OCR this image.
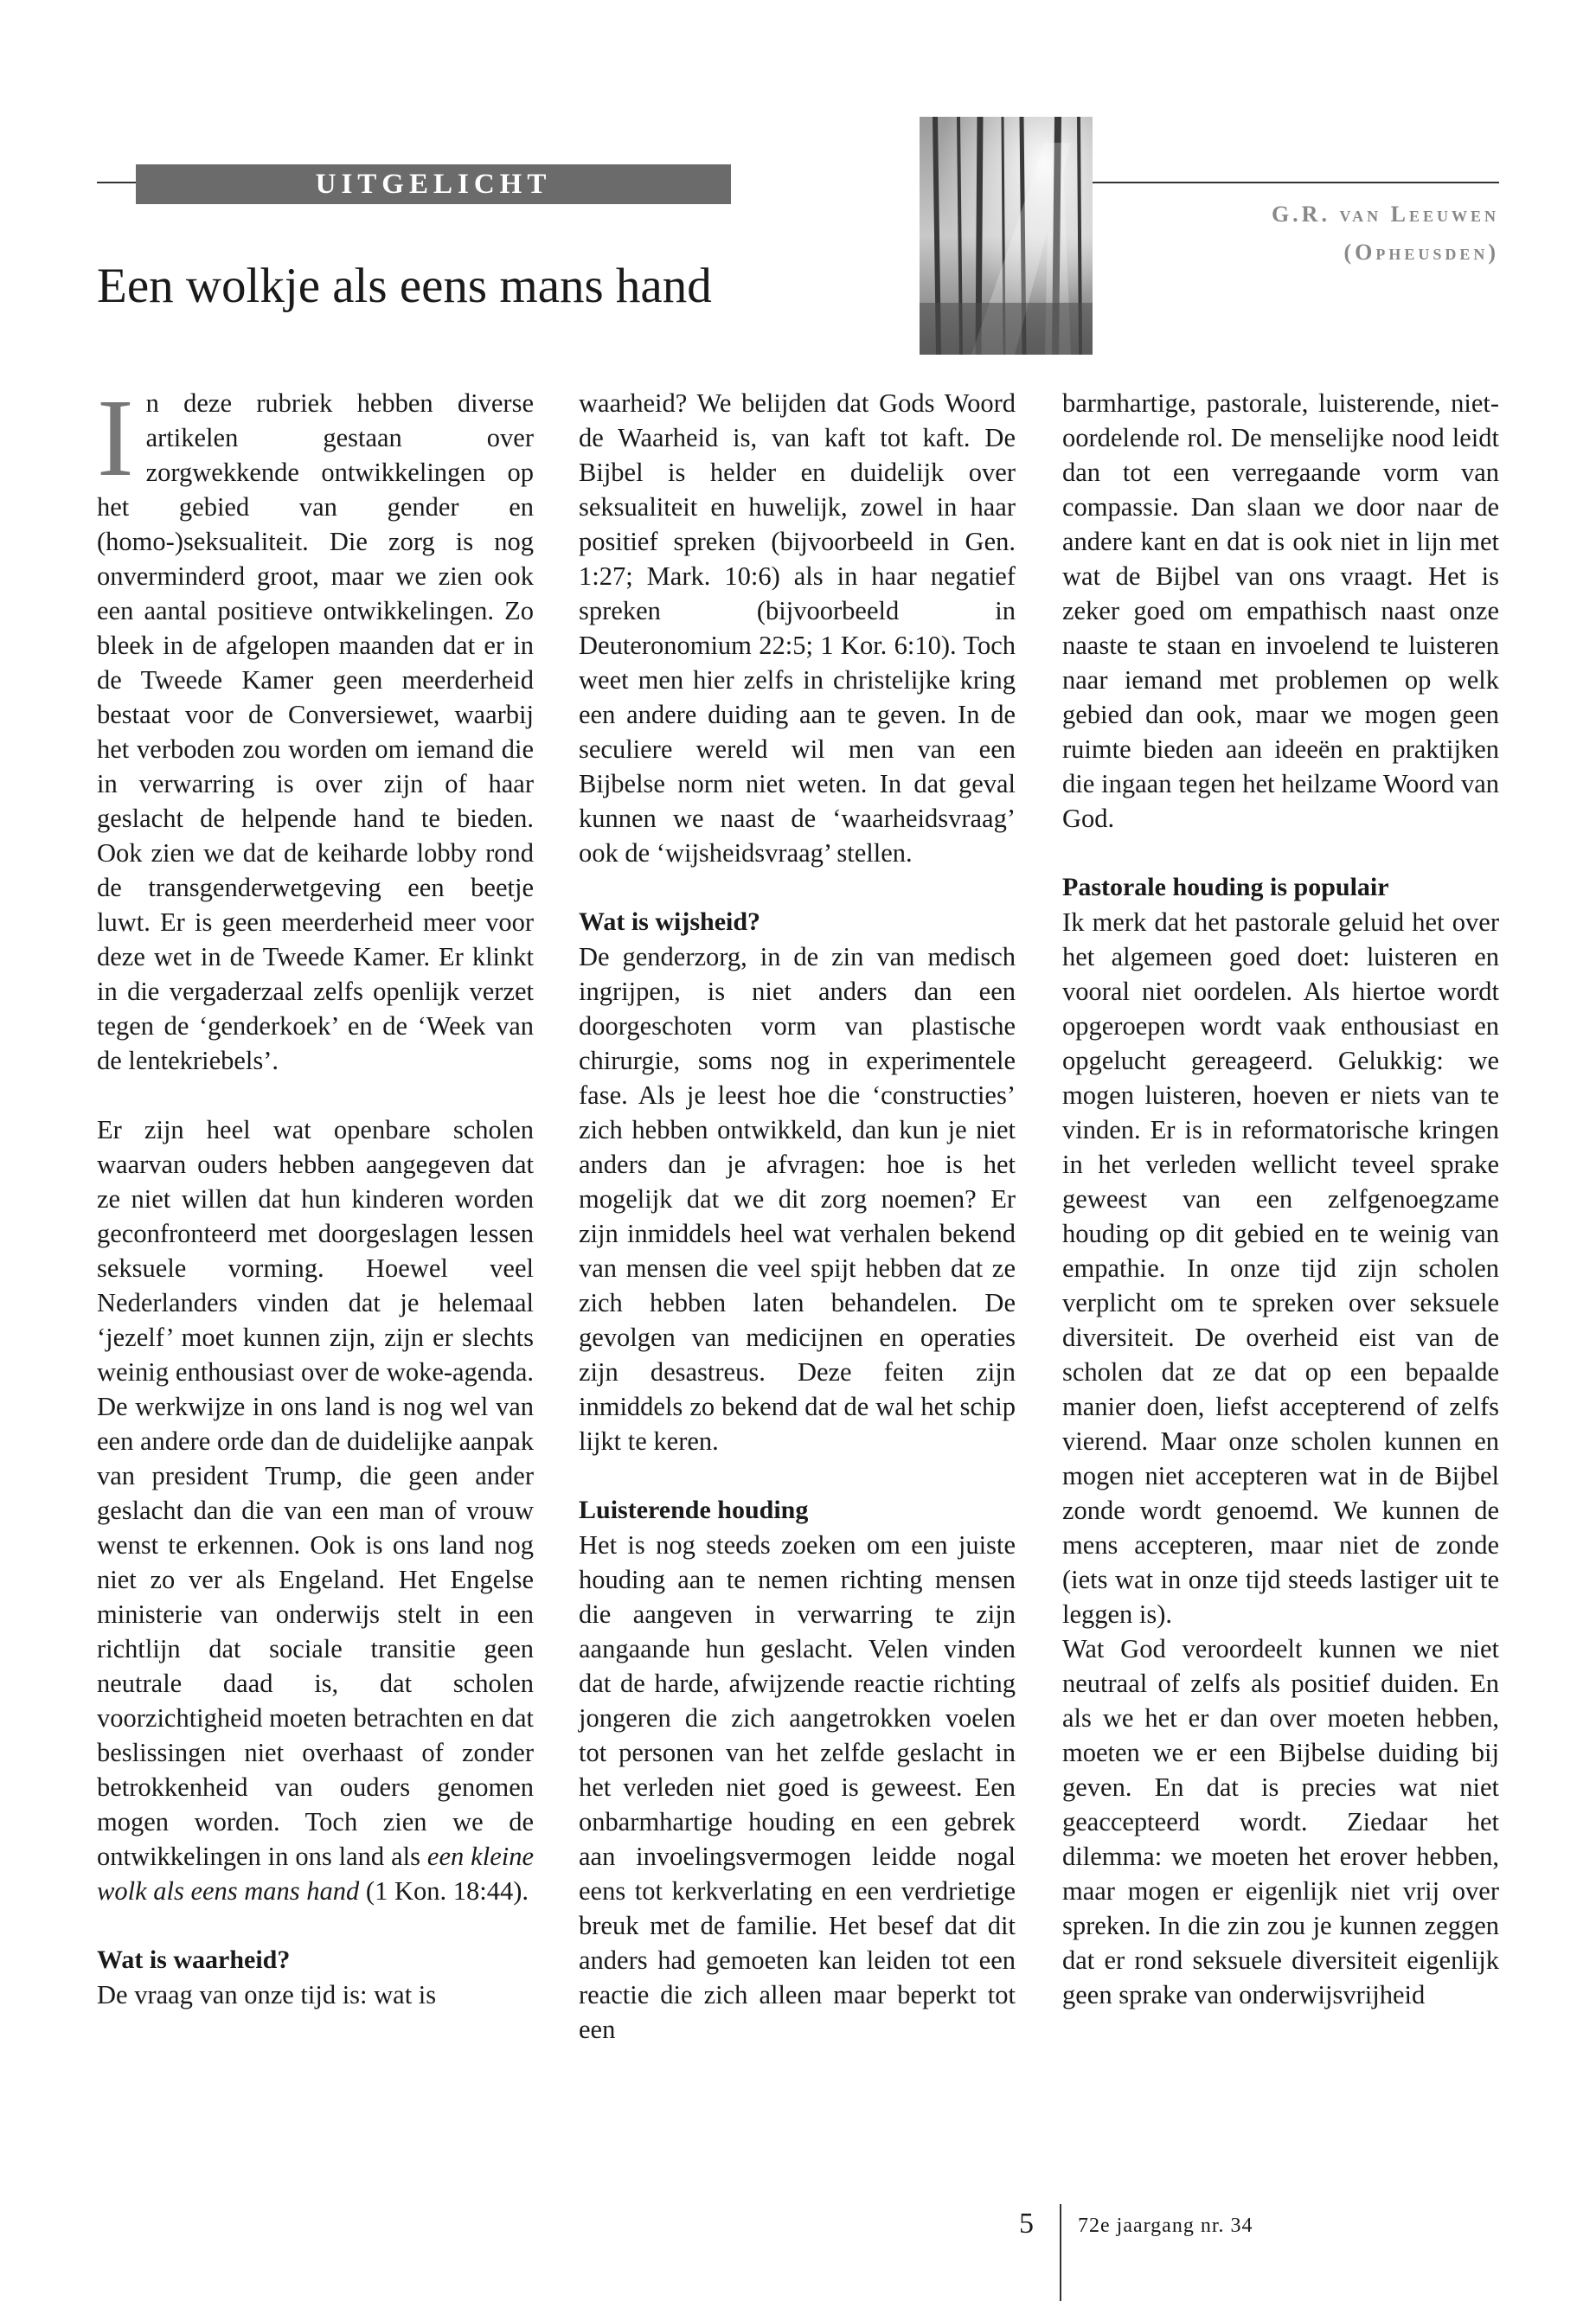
UITGELICHT
G.R. van Leeuwen
(Opheusden)
Een wolkje als eens mans hand

In deze rubriek hebben diverse artikelen gestaan over zorgwekkende ontwikkelingen op het gebied van gender en (homo-)seksualiteit. Die zorg is nog onverminderd groot, maar we zien ook een aantal positieve ontwikkelingen. Zo bleek in de afgelopen maanden dat er in de Tweede Kamer geen meerderheid bestaat voor de Conversiewet, waarbij het verboden zou worden om iemand die in verwarring is over zijn of haar geslacht de helpende hand te bieden. Ook zien we dat de keiharde lobby rond de transgenderwetgeving een beetje luwt. Er is geen meerderheid meer voor deze wet in de Tweede Kamer. Er klinkt in die vergaderzaal zelfs openlijk verzet tegen de ‘genderkoek’ en de ‘Week van de lentekriebels’.

Er zijn heel wat openbare scholen waarvan ouders hebben aangegeven dat ze niet willen dat hun kinderen worden geconfronteerd met doorgeslagen lessen seksuele vorming. Hoewel veel Nederlanders vinden dat je helemaal ‘jezelf’ moet kunnen zijn, zijn er slechts weinig enthousiast over de woke-agenda. De werkwijze in ons land is nog wel van een andere orde dan de duidelijke aanpak van president Trump, die geen ander geslacht dan die van een man of vrouw wenst te erkennen. Ook is ons land nog niet zo ver als Engeland. Het Engelse ministerie van onderwijs stelt in een richtlijn dat sociale transitie geen neutrale daad is, dat scholen voorzichtigheid moeten betrachten en dat beslissingen niet overhaast of zonder betrokkenheid van ouders genomen mogen worden. Toch zien we de ontwikkelingen in ons land als een kleine wolk als eens mans hand (1 Kon. 18:44).

Wat is waarheid?

De vraag van onze tijd is: wat is

waarheid? We belijden dat Gods Woord de Waarheid is, van kaft tot kaft. De Bijbel is helder en duidelijk over seksualiteit en huwelijk, zowel in haar positief spreken (bijvoorbeeld in Gen. 1:27; Mark. 10:6) als in haar negatief spreken (bijvoorbeeld in Deuteronomium 22:5; 1 Kor. 6:10). Toch weet men hier zelfs in christelijke kring een andere duiding aan te geven. In de seculiere wereld wil men van een Bijbelse norm niet weten. In dat geval kunnen we naast de ‘waarheidsvraag’ ook de ‘wijsheidsvraag’ stellen.

Wat is wijsheid?

De genderzorg, in de zin van medisch ingrijpen, is niet anders dan een doorgeschoten vorm van plastische chirurgie, soms nog in experimentele fase. Als je leest hoe die ‘constructies’ zich hebben ontwikkeld, dan kun je niet anders dan je afvragen: hoe is het mogelijk dat we dit zorg noemen? Er zijn inmiddels heel wat verhalen bekend van mensen die veel spijt hebben dat ze zich hebben laten behandelen. De gevolgen van medicijnen en operaties zijn desastreus. Deze feiten zijn inmiddels zo bekend dat de wal het schip lijkt te keren.

Luisterende houding

Het is nog steeds zoeken om een juiste houding aan te nemen richting mensen die aangeven in verwarring te zijn aangaande hun geslacht. Velen vinden dat de harde, afwijzende reactie richting jongeren die zich aangetrokken voelen tot personen van het zelfde geslacht in het verleden niet goed is geweest. Een onbarmhartige houding en een gebrek aan invoelingsvermogen leidde nogal eens tot kerkverlating en een verdrietige breuk met de familie. Het besef dat dit anders had gemoeten kan leiden tot een reactie die zich alleen maar beperkt tot een

barmhartige, pastorale, luisterende, niet-oordelende rol. De menselijke nood leidt dan tot een verregaande vorm van compassie. Dan slaan we door naar de andere kant en dat is ook niet in lijn met wat de Bijbel van ons vraagt. Het is zeker goed om empathisch naast onze naaste te staan en invoelend te luisteren naar iemand met problemen op welk gebied dan ook, maar we mogen geen ruimte bieden aan ideeën en praktijken die ingaan tegen het heilzame Woord van God.

Pastorale houding is populair

Ik merk dat het pastorale geluid het over het algemeen goed doet: luisteren en vooral niet oordelen. Als hiertoe wordt opgeroepen wordt vaak enthousiast en opgelucht gereageerd. Gelukkig: we mogen luisteren, hoeven er niets van te vinden. Er is in reformatorische kringen in het verleden wellicht teveel sprake geweest van een zelfgenoegzame houding op dit gebied en te weinig van empathie. In onze tijd zijn scholen verplicht om te spreken over seksuele diversiteit. De overheid eist van de scholen dat ze dat op een bepaalde manier doen, liefst accepterend of zelfs vierend. Maar onze scholen kunnen en mogen niet accepteren wat in de Bijbel zonde wordt genoemd. We kunnen de mens accepteren, maar niet de zonde (iets wat in onze tijd steeds lastiger uit te leggen is).

Wat God veroordeelt kunnen we niet neutraal of zelfs als positief duiden. En als we het er dan over moeten hebben, moeten we er een Bijbelse duiding bij geven. En dat is precies wat niet geaccepteerd wordt. Ziedaar het dilemma: we moeten het erover hebben, maar mogen er eigenlijk niet vrij over spreken. In die zin zou je kunnen zeggen dat er rond seksuele diversiteit eigenlijk geen sprake van onderwijsvrijheid

5 72e jaargang nr. 34
